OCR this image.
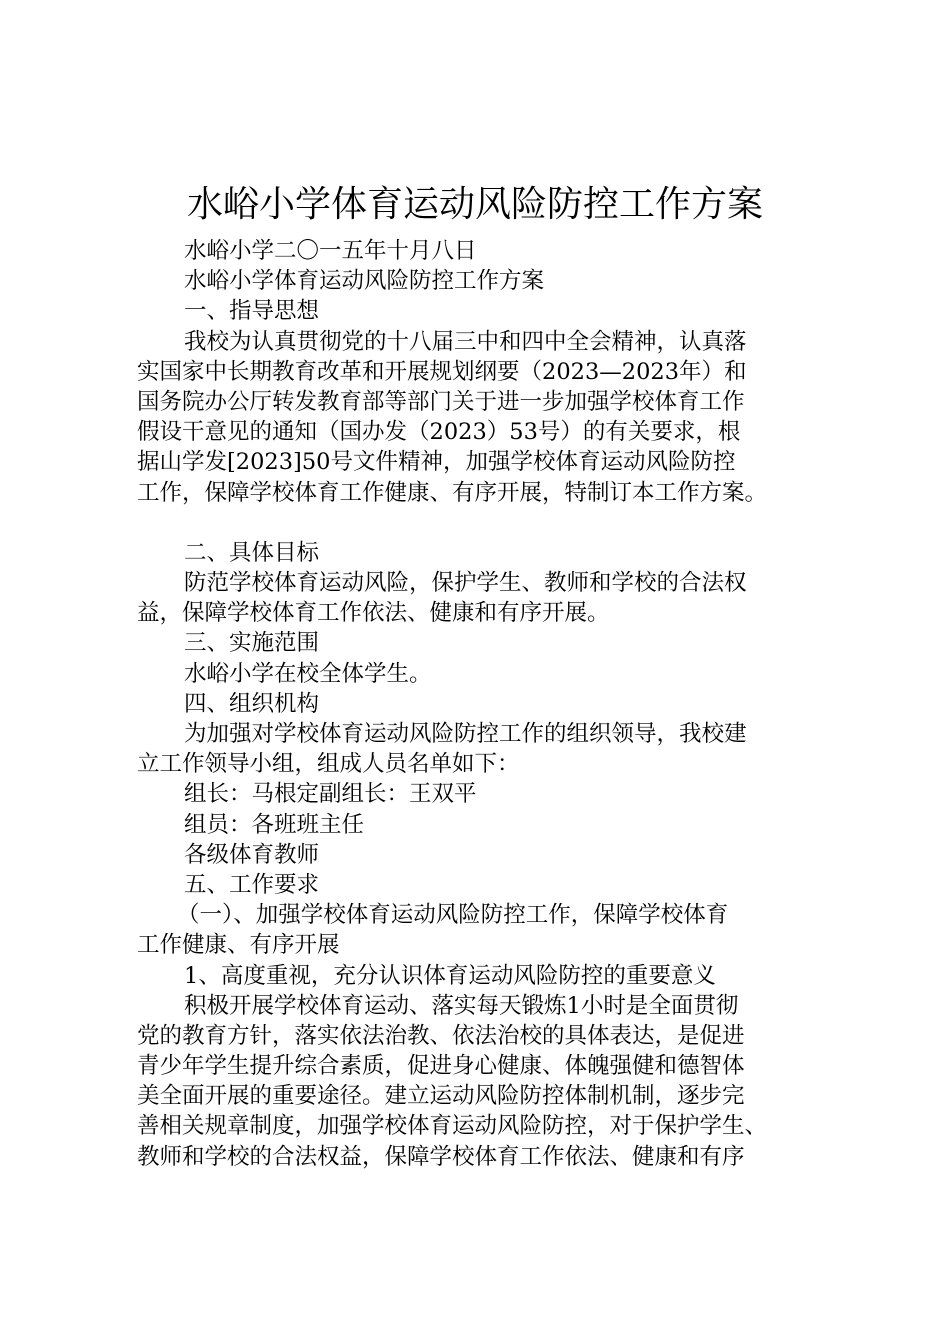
水峪小学体育运动风险防控工作方案
水峪小学二〇一五年十月八日
水峪小学体育运动风险防控工作方案
一、指导思想
我校为认真贯彻党的十八届三中和四中全会精神，认真落
实国家中长期教育改革和开展规划纲要（2023—2023年）和
国务院办公厅转发教育部等部门关于进一步加强学校体育工作
假设干意见的通知（国办发（2023）53号）的有关要求，根
据山学发[2023]50号文件精神，加强学校体育运动风险防控
工作，保障学校体育工作健康、有序开展，特制订本工作方案。
二、具体目标
防范学校体育运动风险，保护学生、教师和学校的合法权
益，保障学校体育工作依法、健康和有序开展。
三、实施范围
水峪小学在校全体学生。
四、组织机构
为加强对学校体育运动风险防控工作的组织领导，我校建
立工作领导小组，组成人员名单如下：
组长：马根定副组长：王双平
组员：各班班主任
各级体育教师
五、工作要求
（一）、加强学校体育运动风险防控工作，保障学校体育
工作健康、有序开展
1、高度重视，充分认识体育运动风险防控的重要意义
积极开展学校体育运动、落实每天锻炼1小时是全面贯彻
党的教育方针，落实依法治教、依法治校的具体表达，是促进
青少年学生提升综合素质，促进身心健康、体魄强健和德智体
美全面开展的重要途径。建立运动风险防控体制机制，逐步完
善相关规章制度，加强学校体育运动风险防控，对于保护学生、
教师和学校的合法权益，保障学校体育工作依法、健康和有序
